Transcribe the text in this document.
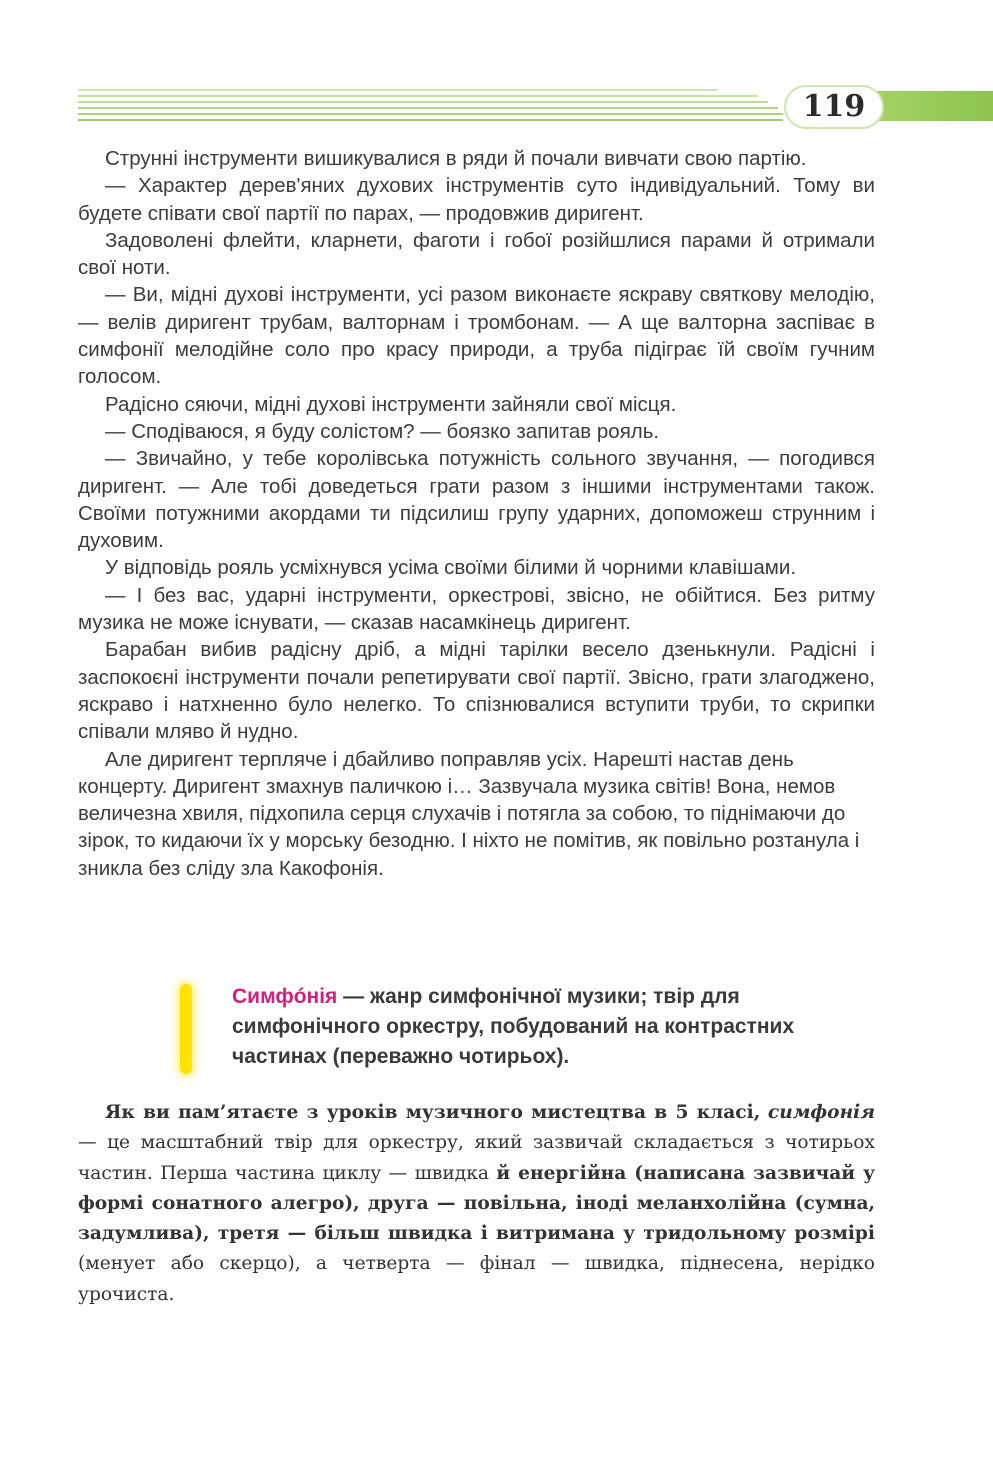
119

Струнні інструменти вишикувалися в ряди й почали вивчати свою партію.

— Характер дерев'яних духових інструментів суто індивідуальний. Тому ви будете співати свої партії по парах, — продовжив диригент.

Задоволені флейти, кларнети, фаготи і гобої розійшлися парами й отримали свої ноти.

— Ви, мідні духові інструменти, усі разом виконаєте яскраву святкову мелодію, — велів диригент трубам, валторнам і тромбонам. — А ще валторна заспіває в симфонії мелодійне соло про красу природи, а труба підіграє їй своїм гучним голосом.

Радісно сяючи, мідні духові інструменти зайняли свої місця.

— Сподіваюся, я буду солістом? — боязко запитав рояль.

— Звичайно, у тебе королівська потужність сольного звучання, — погодився диригент. — Але тобі доведеться грати разом з іншими інструментами також. Своїми потужними акордами ти підсилиш групу ударних, допоможеш струнним і духовим.

У відповідь рояль усміхнувся усіма своїми білими й чорними клавішами.

— І без вас, ударні інструменти, оркестрові, звісно, не обійтися. Без ритму музика не може існувати, — сказав насамкінець диригент.

Барабан вибив радісну дріб, а мідні тарілки весело дзенькнули. Радісні і заспокоєні інструменти почали репетирувати свої партії. Звісно, грати злагоджено, яскраво і натхненно було нелегко. То спізнювалися вступити труби, то скрипки співали мляво й нудно.

Але диригент терпляче і дбайливо поправляв усіх. Нарешті настав день концерту. Диригент змахнув паличкою і… Зазвучала музика світів! Вона, немов величезна хвиля, підхопила серця слухачів і потягла за собою, то піднімаючи до зірок, то кидаючи їх у морську безодню. І ніхто не помітив, як повільно розтанула і зникла без сліду зла Какофонія.

Симфóнія — жанр симфонічної музики; твір для симфонічного оркестру, побудований на контрастних частинах (переважно чотирьох).

Як ви пам’ятаєте з уроків музичного мистецтва в 5 класі, симфонія — це масштабний твір для оркестру, який зазвичай складається з чотирьох частин. Перша частина циклу — швидка й енергійна (написана зазвичай у формі сонатного алегро), друга — повільна, іноді меланхолійна (сумна, задумлива), третя — більш швидка і витримана у тридольному розмірі (менует або скерцо), а четверта — фінал — швидка, піднесена, нерідко урочиста.
